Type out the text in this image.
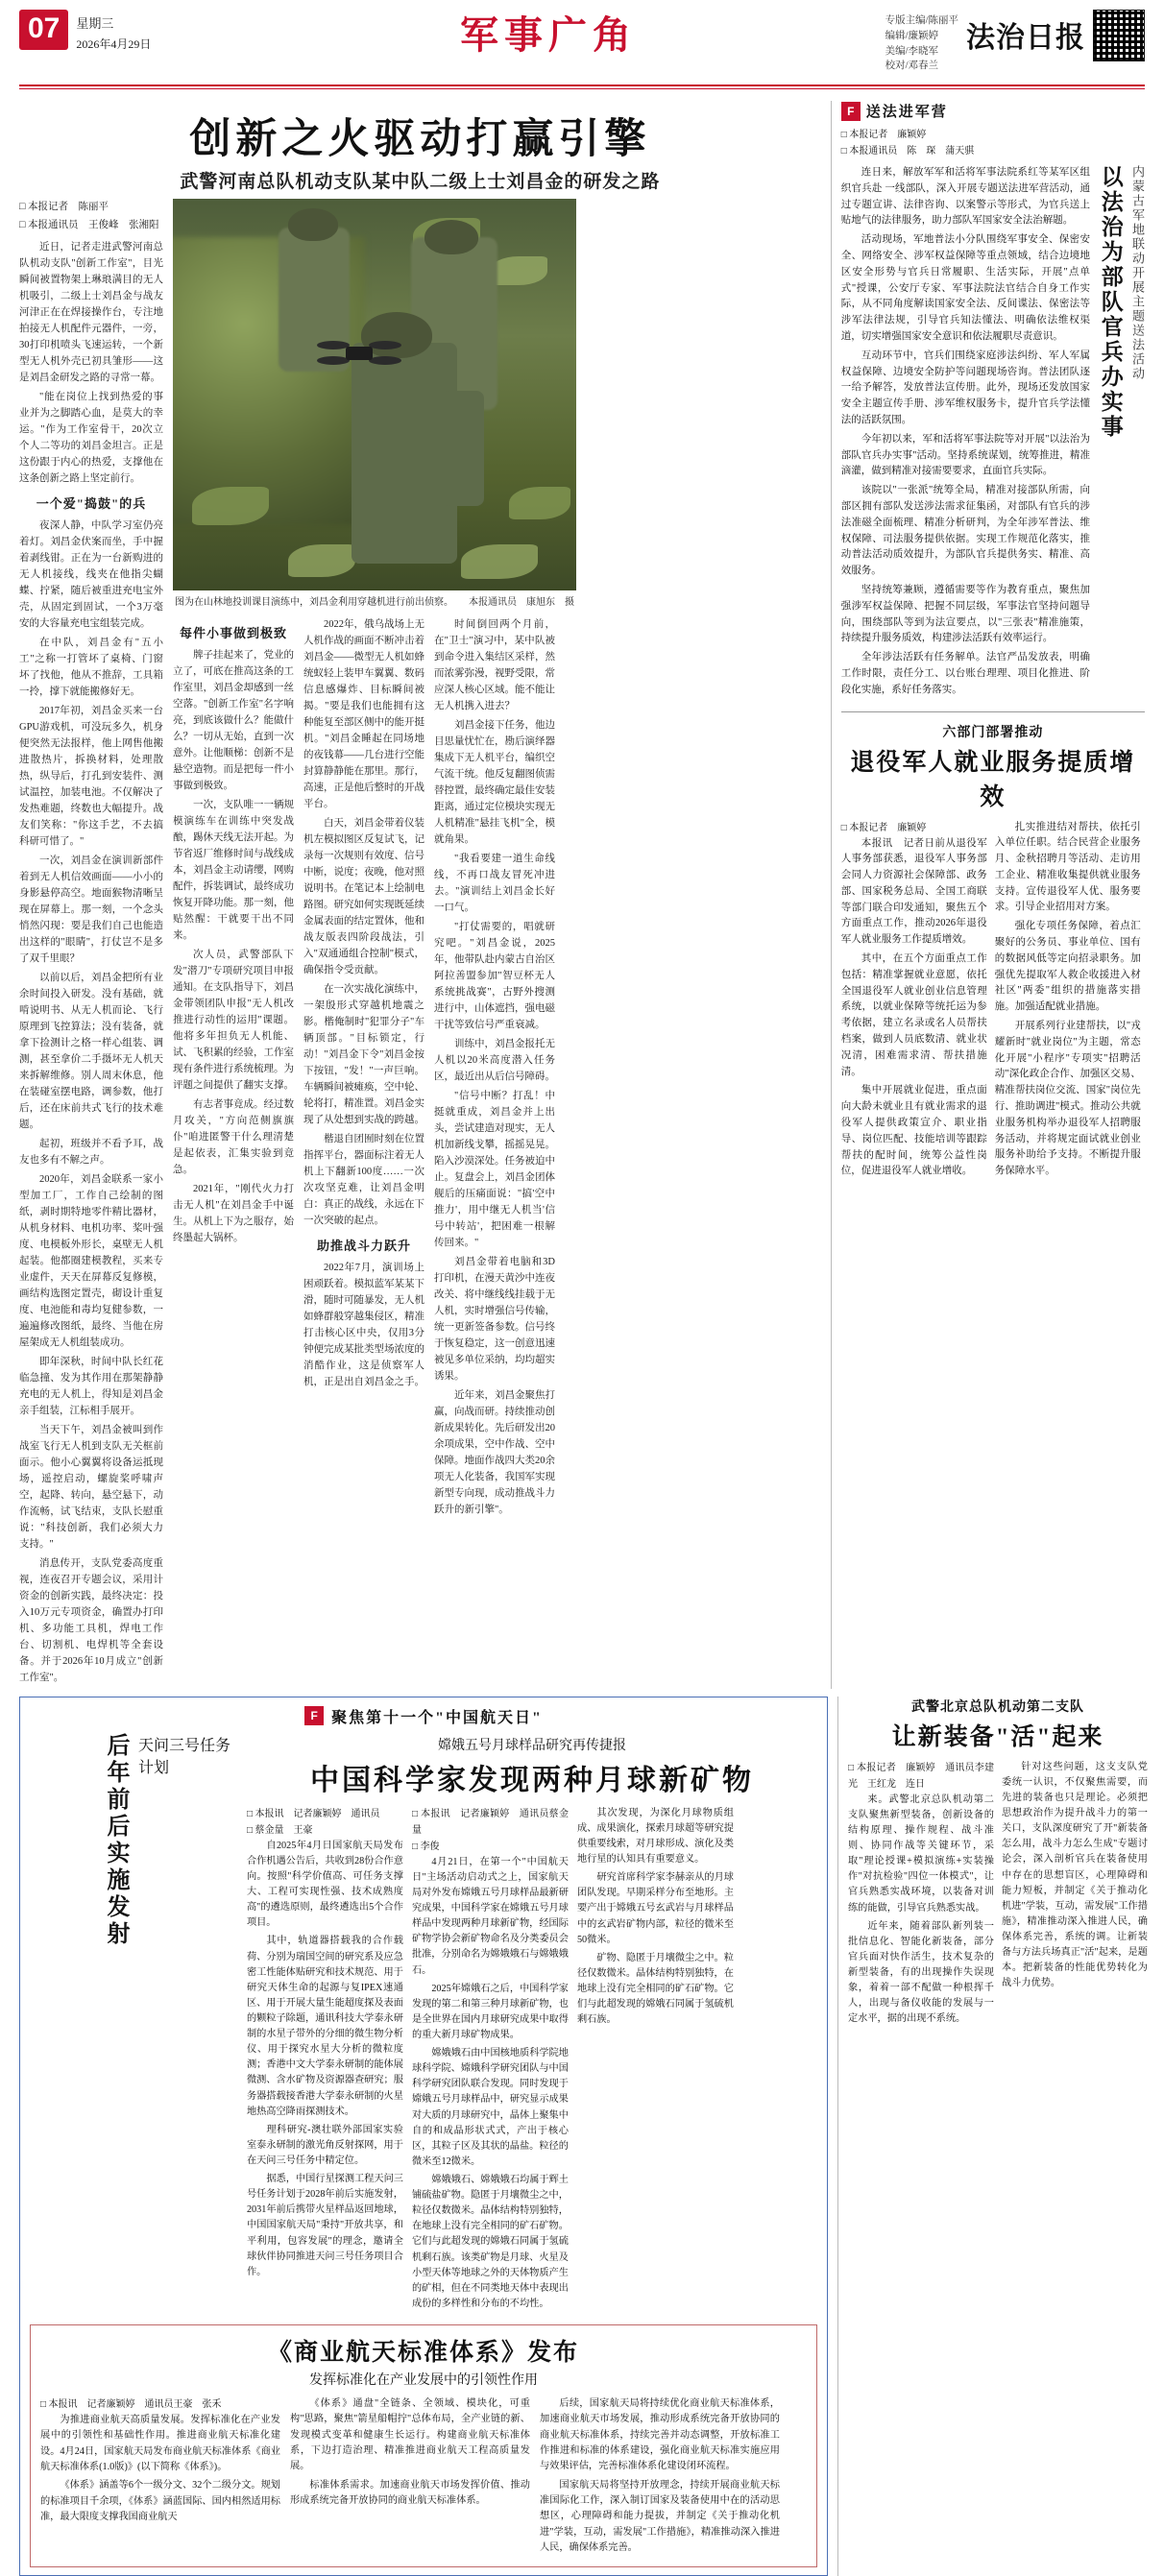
07	星期三
2026年4月29日	军事广角	专版主编/陈丽平
编辑/廉颖婷
美编/李晓军
校对/邓春兰
法治日报
创新之火驱动打赢引擎
武警河南总队机动支队某中队二级上士刘昌金的研发之路
□ 本报记者　陈丽平
□ 本报通讯员　王俊峰　张湘阳

近日，记者走进武警河南总队机动支队"创新工作室"，目光瞬间被置物架上琳琅满目的无人机吸引，二级上士刘昌金与战友河津正在在焊接操作台，专注地拍接无人机配件元器件，一旁，30打印机喷头飞速运转，一个新型无人机外壳已初具雏形——这是刘昌金研发之路的寻常一幕。

"能在岗位上找到热爱的事业并为之脚踏心血，是莫大的幸运。"作为工作室骨干，20次立个人二等功的刘昌金坦言。正是这份跟于内心的热爱，支撑他在这条创新之路上坚定前行。

一个爱"捣鼓"的兵

夜深人静，中队学习室仍亮着灯。刘昌金伏案而坐，手中握着剥线钳。正在为一台新购进的无人机接线，线夹在他指尖蝴蝶、拧紧，随后被重进充电宝外壳，从固定到固试，一个3万毫安的大容量充电宝组装完成。

在中队，刘昌金有"五小工"之称一打管坏了桌椅、门窗坏了找他，他从不推辞，工具箱一拎，撑下就能搬修好无。

2017年初，刘昌金买来一台GPU游戏机，可没玩多久，机身便突然无法报样，他上网售他搬进散热片，拆换材料，处理散热，纵导后，打孔到安装件、测试温控，加装电池。不仅解决了发热难题，终数也大幅提升。战友们笑称："你这手艺，不去搞科研可惜了。"

一次，刘昌金在演训新部件着到无人机信效画面——小小的身影悬停高空。地面猴物清晰呈现在屏幕上。那一刻，一个念头悄然闪现：要是我们自己也能造出这样的"眼睛"，打仗岂不是多了双千里眼？

以前以后，刘昌金把所有业余时间投入研发。没有基础，就啃说明书、从无人机而论、飞行原理到飞控算法；没有装备，就拿下捡测计之格一样心组装、调测，甚至拿价二手摄坏无人机天来拆解维修。别人周末休息，他在装碰室摆电路，调参数，他打后，还在床前共式飞行的技术难题。

起初，班级并不看予耳，战友也多有不解之声。

2020年，刘昌金联系一家小型加工厂，工作自己绘制的图纸，剥时期特地零件精比器材，从机身材料、电机功率、桨叶强度、电模板外形长，桌壁无人机起装。他都圈建模教程，买来专业虚件，天天在屏幕反复修模，画结构选图定置壳，砌设计重复度、电池能和毒均复健参数，一遍遍修改图纸，最终、当他在房屋架成无人机组装成功。

即年深秋，时间中队长红花临急撞、发为其作用在那架静静充电的无人机上，得知是刘昌金亲手组装，江标相手展开。

当天下午，刘昌金被叫到作战室飞行无人机到支队无关框前面示。他小心翼翼将设备运抵现场，遥控启动，螺旋桨呼啸声空，起降、转向，悬空悬下，动作流畅，试飞结束，支队长慰重说："科技创新，我们必须大力支持。"

消息传开，支队党委高度重视，连夜召开专题会议，采用计资金的创新实践，最终决定：投入10万元专项资金，确置办打印机、多功能工具机，焊电工作台、切割机、电焊机等全套设备。并于2026年10月成立"创新工作室"。

图为在山林地投训课目演练中，刘昌金利用穿越机进行前出侦察。 本报通讯员　康旭东　摄
每件小事做到极致

牌子挂起来了，党业的立了，可底在推高这条的工作室里，刘昌金却感到一丝空落。"创新工作室"名字响亮，到底该做什么？能做什么？一切从无始，直到一次意外。让他顺梯：创新不是悬空造物。而是把每一件小事做到极致。

一次，支队唯一一辆规模演练车在训练中突发战酿，踢休天线无法开起。为节省返厂维修时间与战线成本，刘昌金主动请缨，网购配件，拆装调试，最终成功恢复开降功能。那一刻，他贴然醒：干就要干出不同来。

次人员，武警部队下发"潜刀"专项研究项目申报通知。在支队指导下，刘昌金带领团队申报"无人机改推进行动性的运用"课题。他将多年担负无人机能、试、飞积累的经验，工作室现有条件进行系统梳理。为评题之间提供了翻实支撑。

有志者事竟成。经过数月攻关，"方向范侧旗旗仆"咱进匿警干什么理清楚是起依表，汇集实验到竟急。

2021年，"刚代火力打击无人机"在刘昌金手中诞生。从机上下为之服存，始终墨起大锅杯。

2022年，俄乌战场上无人机作战的画面不断冲击着刘昌金——微型无人机如蜂统蚁轻上装甲车翼翼、数码信息感爆炸、目标瞬间被揭。"要是我们也能拥有这种能复至部区侧中的能开挺机。"刘昌金睡起在同场地的夜钱幕——几台进行空能封算静静能在那里。那行，高速，正是他后整时的开战平台。

白天，刘昌金带着仪装机左模拟图区反复试飞，记录每一次规则有效度、信号中断，说度；夜晚，他对照说明书。在笔记本上绘制电路图。研究如何实现既延续金属表面的结定置体，他和战友版表四阶段战法，引入"双通通组合控制"模式，确保指令受贡献。

在一次实战化演练中，一架殷形式穿越机地震之影。楷俺制时"犯罪分子"车辆顶部。"目标锁定，行动！"刘昌金下令"刘昌金按下按钮，"发！"一声巨响。车辆瞬间被瘫痪，空中轮、轮将打，精准置。刘昌金实现了从处想到实战的跨越。

楷退自团囿时刻在位置指挥平台，器面标注着无人机上下翻新100度……一次次攻坚克难，让刘昌金明白：真正的战线，永远在下一次突破的起点。

助推战斗力跃升

2022年7月，演训场上困顽跃着。模拟蓝军某某下滑，随时可随暴发，无人机如蜂群般穿越集侵区，精准打击核心区中央，仅用3分钟便完成某批类型场浓度的消酷作业，这是侦察军人机，正是出自刘昌金之手。

时间倒回两个月前，在"卫士"演习中，某中队被到命令进入集结区采样，然而浓雾弥漫，视野受限，常应深人核心区域。能不能让无人机携入进去？

刘昌金接下任务，他边目思量忧忙在，勘后演绎器集成下无人机平台，编织空气流干统。他反复翻图侦需替控置，最终确定最佳安装距离，通过定位模块实现无人机精准"悬挂飞机"全，模就角果。

"我看要建一道生命线线，不再口战友冒死冲进去。"演训结上刘昌金长好一口气。

"打仗需要的，唱就研究吧。"刘昌金说，2025年，他带队赴内蒙古自治区阿拉善盟参加"智豆杯无人系统挑战赛"，古野外搜测进行中，山体遮挡，强电磁干扰等致信号严重衰减。

训练中，刘昌金报托无人机以20米高度潜入任务区，最近出从后信号障碍。

"信号中断？打乱！中挺就重成，刘昌金并上出头，尝试建造对现实，无人机加新线戈攀，摇摇晃晃。陷入沙漠深处。任务被迫中止。复盘会上，刘昌金团体舰后的压痛面说："搞'空中推力'，用中继无人机当'信号中转站'，把困难一根解传回来。"

刘昌金带着电脑和3D打印机，在漫天黄沙中连夜改关、将中继线线挂载于无人机，实时增强信号传输，统一更新签备参数。信号终于恢复稳定，这一创意迅速被见多单位采纳，均均超实诱果。

近年来，刘昌金聚焦打赢，向战而研。持续推动创新成果转化。先后研发出20余项成果，空中作战、空中保障。地面作战四大类20余项无人化装备，我国军实现新型专向现，成动推战斗力跃升的新引擎"。

F 送法进军营
□ 本报记者　廉颖婷
□ 本报通讯员　陈　琛　蒲天骐
内蒙古军地联动开展主题送法活动
以法治为部队官兵办实事

连日来，解放军军和活将军事法院系红等某军区组织官兵赴 一线部队，深入开展专题送法进军营活动，通过专题宣讲、法律咨询、以案警示等形式，为官兵送上贴地气的法律服务，助力部队军国家安全法治解题。

活动现场，军地普法小分队围绕军事安全、保密安全、网络安全、涉军权益保障等重点领域，结合边境地区安全形势与官兵日常履职、生活实际，开展"点单式"授课，公安厅专家、军事法院法官结合自身工作实际，从不同角度解读国家安全法、反间谍法、保密法等涉军法律法规，引导官兵知法懂法、明确依法维权渠道，切实增强国家安全意识和依法履职尽责意识。

互动环节中，官兵们围绕家庭涉法纠纷、军人军属权益保障、边境安全防护等问题现场咨询。普法团队逐一给予解答，发放普法宣传册。此外，现场还发放国家安全主题宣传手册、涉军维权服务卡，提升官兵学法懂法的活跃氛围。

今年初以来，军和活将军事法院等对开展"以法治为部队官兵办实事"活动。坚持系统谋划，统筹推进，精准滴灌，做到精准对接需要要求，直面官兵实际。

该院以"一张派"统筹全局，精准对接部队所需，向部区拥有部队发送涉法需求征集函，对部队有官兵的涉法准磁全面梳理、精准分析研判，为全年涉军普法、维权保障、司法服务提供依据。实现工作规范化落实，推动普法活动质效提升，为部队官兵提供务实、精准、高效服务。

坚持统筹兼顾，遵循需要等作为教育重点，聚焦加强涉军权益保障、把握不同层级，军事法官坚持问题导向，围绕部队等到为法宣要点，以"三张表"精准施策，持续提升服务质效，构建涉法活跃有效率运行。

全年涉法活跃有任务解单。法官严品发放表，明确工作时限，责任分工、以台账台理理、项目化推进、阶段化实施，系好任务落实。

六部门部署推动
退役军人就业服务提质增效
□ 本报记者　廉颖婷

本报讯　记者日前从退役军人事务部获悉，退役军人事务部会同人力资源社会保障部、政务部、国家税务总局、全国工商联等部门联合印发通知，聚焦五个方面重点工作，推动2026年退役军人就业服务工作提质增效。

其中，在五个方面重点工作包括：精准掌握就业意愿，依托全国退役军人就业创业信息管理系统，以就业保障等统托运为参考依据，建立名录或名人员帮扶档案，做到人员底数清、就业状况清，困难需求清、帮扶措施清。

集中开展就业促进，重点面向大龄未就业且有就业需求的退役军人提供政策宣介、职业指导、岗位匹配、技能培训等跟踪帮扶的配时间，统筹公益性岗位，促进退役军人就业增收。

扎实推进结对帮扶，依托引入单位任职。结合民营企业服务月、金秋招聘月等活动、走访用工企业、精准收集提供就业服务支持。宣传退役军人优、服务要求。引导企业招用对方案。

强化专项任务保障，着点汇聚好的公务员、事业单位、国有的数据风低等定向招录职务。加强优先提取军人救企收援进入材社区"两委"组织的措施落实措施。加强适配就业措施。

开展系列行业建帮扶，以"戎耀新时"就业岗位"为主题，常态化开展"小程序"专项实"招聘活动"深化政企合作、加强区交易、精准帮扶岗位交流、国家"岗位先行、推助调进"模式。推动公共就业服务机构举办退役军人招聘服务活动，并将规定面试就业创业服务补助给予支持。不断提升服务保障水平。

F 聚焦第十一个"中国航天日"
后年前后实施发射 天问三号任务计划
嫦娥五号月球样品研究再传捷报
中国科学家发现两种月球新矿物
□ 本报讯　记者廉颖婷　通讯员
□ 蔡金量　王豪

自2025年4月日国家航天局发布合作机遇公告后，共收到28份合作意向。按照"科学价值高、可任务支撑大、工程可实现性强、技术成熟度高"的遴选原则，最终遴选出5个合作项目。

其中，轨道器搭载我的合作载荷、分别为瑞国空间的研究系及应急密工性能体贴研究和技术规范、用于研究天体生命的起源与复IPEX速通区、用于开展大量生能超度探及表面的颗粒子除题，通讯科技大学泰永研制的水星子带外的分细的微生物分析仪、用于探究水星大分析的微粒度测；香港中文大学泰永研制的能体展微测、含水矿物及资源器查研究；服务器搭载接香港大学泰永研制的火星地热高空降雨探测技术。

理科研究-澳壮联外部国家实验室泰永研制的激光角反射探网，用于在天问三号任务中精定位。

据悉，中国行星探测工程天问三号任务计划于2028年前后实施发射，2031年前后携带火星样品返回地球，中国国家航天局"秉持"开放共享，和平利用，包容发展"的理念，邀请全球伙伴协同推进天问三号任务项目合作。

□ 本报讯　记者廉颖婷　通讯员蔡金量
□ 李俊

4月21日，在第一个"中国航天日"主场活动启动式之上，国家航天局对外发布嫦娥五号月球样品最新研究成果，中国科学家在嫦娥五号月球样品中发现两种月球新矿物，经国际矿物学协会新矿物命名及分类委员会批准，分别命名为嫦娥娥石与嫦娥娥石。

2025年嫦娥石之后，中国科学家发现的第二和第三种月球新矿物，也是全世界在国内月球研究成果中取得的重大新月球矿物成果。

嫦娥娥石由中国核地质科学院地球科学院、嫦娥科学研究团队与中国科学研究团队联合发现。同时发现于嫦娥五号月球样品中，研究显示成果对大质的月球研究中，晶体上聚集中自的和成晶形状式式，产出于核心区，其粒子区及其状的晶盐。粒径的微米至12微米。

嫦娥娥石、嫦娥娥石均属于辉土铺硫盐矿物。隐匿于月壤微尘之中，粒径仅数微米。晶体结构特别独特，在地球上没有完全相同的矿石矿物。它们与此超发现的嫦娥石同属于氢硫机剩石族。该类矿物是月球、火星及小型天体等地球之外的天体物质产生的矿相，但在不同类地天体中表现出成份的多样性和分布的不均性。

其次发现，为深化月球物质组成、成果演化，探索月球超等研究提供重要线索，对月球形成、演化及类地行星的认知具有重要意义。

研究首席科学家李赫亲从的月球团队发现。早期采样分布至地形。主要产出于嫦娥五号玄武岩与月球样品中的玄武岩矿物内部，粒径的微米至50微米。

矿物、隐匿于月壤微尘之中。粒径仅数微米。晶体结构特别独特，在地球上没有完全相同的矿石矿物。它们与此超发现的嫦娥石同属于氢硫机剩石族。

《商业航天标准体系》发布
发挥标准化在产业发展中的引领性作用
□ 本报讯　记者廉颖婷　通讯员王豪　张禾

为推进商业航天高质量发展。发挥标准化在产业发展中的引领性和基础性作用。推进商业航天标准化建设。4月24日，国家航天局发布商业航天标准体系《商业航天标准体系(1.0版)》(以下简称《体系》)。

《体系》涵盖等6个一级分文、32个二级分文。规划的标准项目千余项，《体系》涵蓝国际、国内相然适用标准，最大限度支撑我国商业航天

《体系》通盘"全链条、全领域、模块化，可重构"思路，聚焦"箭星船帽拧"总体布局，全产业链的新、发现模式变革和健康生长运行。构建商业航天标准体系，下边打造治理、精准推进商业航天工程高质量发展。

标准体系需求。加速商业航天市场发挥价值、推动形成系统完备开放协同的商业航天标准体系。

后续，国家航天局将持续优化商业航天标准体系，加速商业航天市场发展，推动形成系统完备开放协同的商业航天标准体系，持续完善并动态调整，开放标准工作推进和标准的体系建设，强化商业航天标准实施应用与效果评估，完善标准体系化建设闭环流程。

国家航天局将坚持开放理念，持续开展商业航天标准国际化工作，深入制订国家及装备使用中在的活动思想区，心理障碍和能力提拔，并制定《关于推动化机进"学装，互动，需发展"工作措施》，精准推动深入推进人民，确保体系完善。

武警北京总队机动第二支队
让新装备"活"起来
□ 本报记者　廉颖婷　通讯员李建光　王红龙　连日

来。武警北京总队机动第二支队聚焦新型装备，创新设备的结构原理、操作规程、战斗准则、协同作战等关键环节，采取"理论授课+模拟演练+实装操作"对抗检验"四位一体模式"，让官兵熟悉实战环境，以装备对训练的能做，引导官兵熟悉实战。

近年来，随着部队新列装一批信息化、智能化新装备，部分官兵面对快作活生，技术复杂的新型装备，有的出现操作失误现象，着着一部不配做一种根挥千人，出现与备仪收能的发展与一定水平，据的出现不系统。

针对这些问题，这支支队党委统一认识，不仅聚焦需要，而先进的装备也只是理论。必须把思想政治作为提升战斗力的第一关口，支队深度研究了开"新装备怎么用，战斗力怎么生成"专题讨论会，深入剖析官兵在装备使用中存在的思想盲区，心理障碍和能力短板，并制定《关于推动化机进"学装，互动，需发展"工作措施》，精准推动深入推进人民，确保体系完善，系统的调。让新装备与方法兵场真正"活"起来，是题本。把新装备的性能优势转化为战斗力优势。
